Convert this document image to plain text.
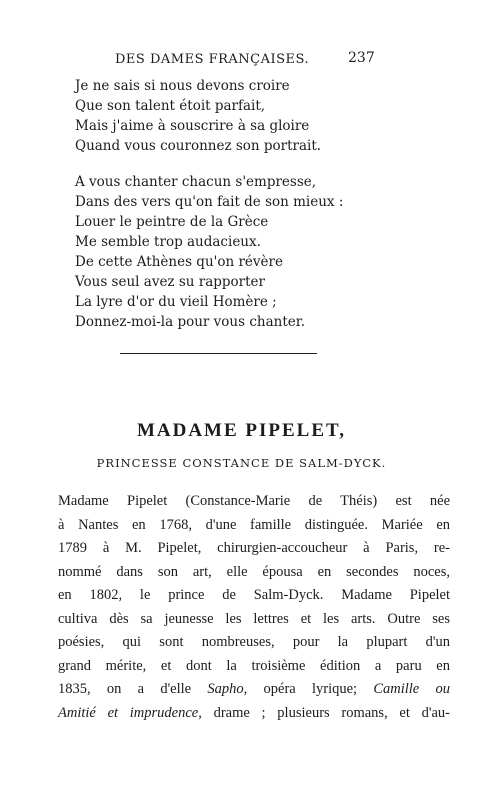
DES DAMES FRANÇAISES.	237
Je ne sais si nous devons croire
Que son talent étoit parfait,
Mais j'aime à souscrire à sa gloire
Quand vous couronnez son portrait.
A vous chanter chacun s'empresse,
Dans des vers qu'on fait de son mieux :
Louer le peintre de la Grèce
Me semble trop audacieux.
De cette Athènes qu'on révère
Vous seul avez su rapporter
La lyre d'or du vieil Homère ;
Donnez-moi-la pour vous chanter.
MADAME PIPELET,
PRINCESSE CONSTANCE DE SALM-DYCK.
Madame Pipelet (Constance-Marie de Théis) est née
à Nantes en 1768, d'une famille distinguée. Mariée en
1789 à M. Pipelet, chirurgien-accoucheur à Paris, re-
nommé dans son art, elle épousa en secondes noces,
en 1802, le prince de Salm-Dyck. Madame Pipelet
cultiva dès sa jeunesse les lettres et les arts. Outre ses
poésies, qui sont nombreuses, pour la plupart d'un
grand mérite, et dont la troisième édition a paru en
1835, on a d'elle Sapho, opéra lyrique; Camille ou
Amitié et imprudence, drame ; plusieurs romans, et d'au-
